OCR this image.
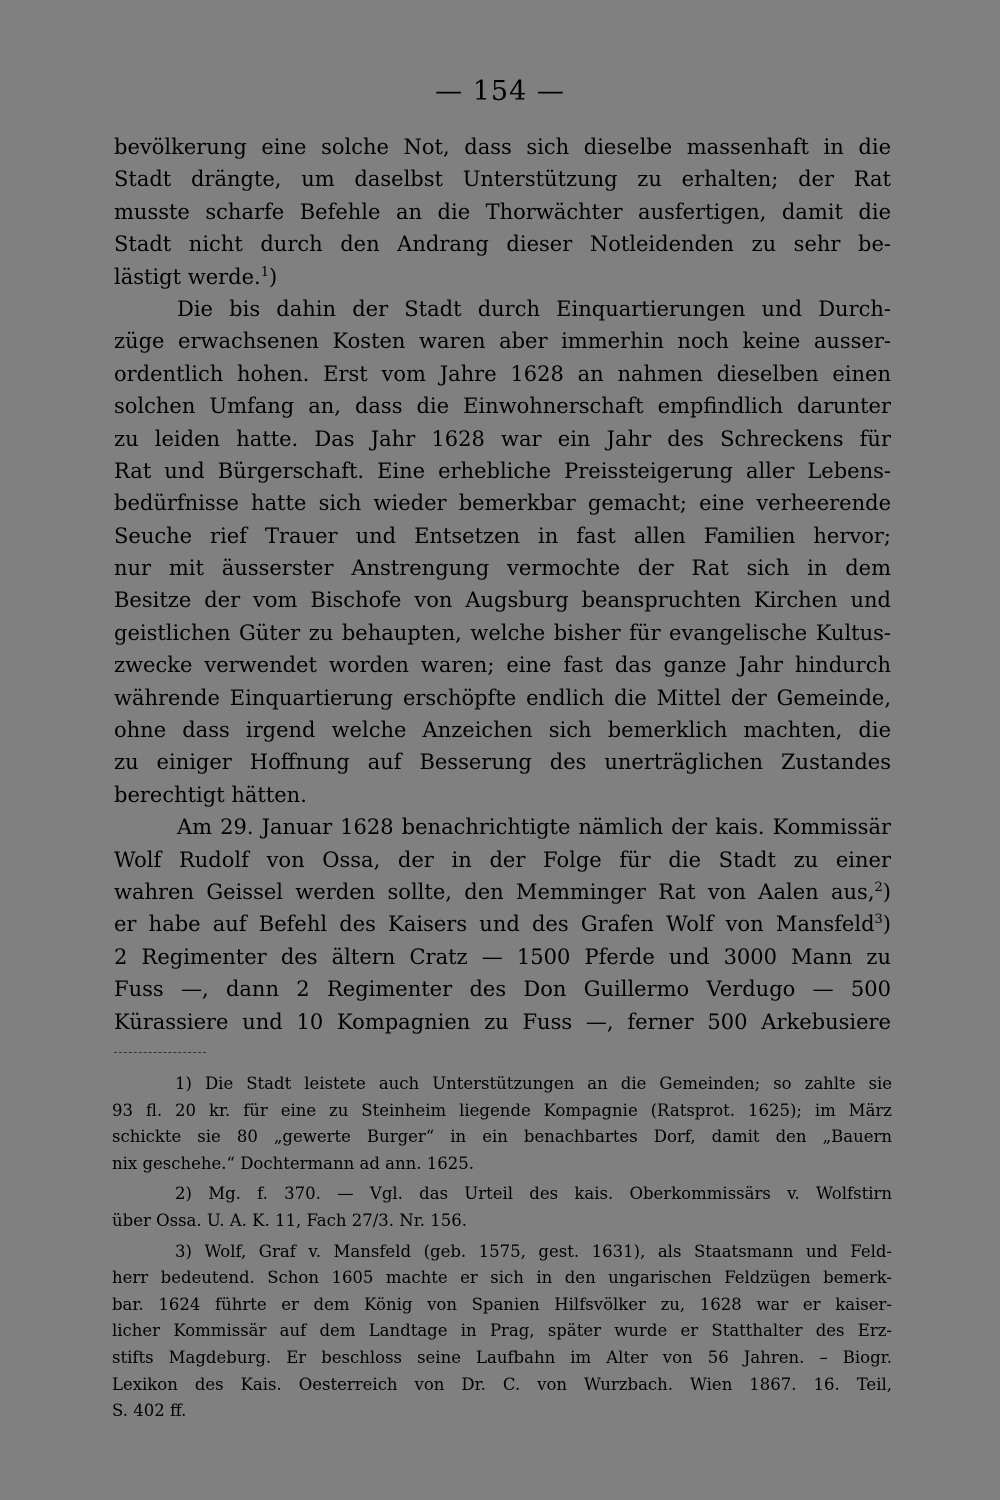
— 154 —
bevölkerung eine solche Not, dass sich dieselbe massenhaft in die
Stadt drängte, um daselbst Unterstützung zu erhalten; der Rat
musste scharfe Befehle an die Thorwächter ausfertigen, damit die
Stadt nicht durch den Andrang dieser Notleidenden zu sehr be-
lästigt werde.$^1$)
Die bis dahin der Stadt durch Einquartierungen und Durch-
züge erwachsenen Kosten waren aber immerhin noch keine ausser-
ordentlich hohen. Erst vom Jahre 1628 an nahmen dieselben einen
solchen Umfang an, dass die Einwohnerschaft empfindlich darunter
zu leiden hatte. Das Jahr 1628 war ein Jahr des Schreckens für
Rat und Bürgerschaft. Eine erhebliche Preissteigerung aller Lebens-
bedürfnisse hatte sich wieder bemerkbar gemacht; eine verheerende
Seuche rief Trauer und Entsetzen in fast allen Familien hervor;
nur mit äusserster Anstrengung vermochte der Rat sich in dem
Besitze der vom Bischofe von Augsburg beanspruchten Kirchen und
geistlichen Güter zu behaupten, welche bisher für evangelische Kultus-
zwecke verwendet worden waren; eine fast das ganze Jahr hindurch
währende Einquartierung erschöpfte endlich die Mittel der Gemeinde,
ohne dass irgend welche Anzeichen sich bemerklich machten, die
zu einiger Hoffnung auf Besserung des unerträglichen Zustandes
berechtigt hätten.
Am 29. Januar 1628 benachrichtigte nämlich der kais. Kommissär
Wolf Rudolf von Ossa, der in der Folge für die Stadt zu einer
wahren Geissel werden sollte, den Memminger Rat von Aalen aus,$^2$)
er habe auf Befehl des Kaisers und des Grafen Wolf von Mansfeld$^3$)
2 Regimenter des ältern Cratz — 1500 Pferde und 3000 Mann zu
Fuss —, dann 2 Regimenter des Don Guillermo Verdugo — 500
Kürassiere und 10 Kompagnien zu Fuss —, ferner 500 Arkebusiere
1) Die Stadt leistete auch Unterstützungen an die Gemeinden; so zahlte sie
93 fl. 20 kr. für eine zu Steinheim liegende Kompagnie (Ratsprot. 1625); im März
schickte sie 80 „gewerte Burger“ in ein benachbartes Dorf, damit den „Bauern
nix geschehe.“ Dochtermann ad ann. 1625.
2) Mg. f. 370. — Vgl. das Urteil des kais. Oberkommissärs v. Wolfstirn
über Ossa. U. A. K. 11, Fach 27/3. Nr. 156.
3) Wolf, Graf v. Mansfeld (geb. 1575, gest. 1631), als Staatsmann und Feld-
herr bedeutend. Schon 1605 machte er sich in den ungarischen Feldzügen bemerk-
bar. 1624 führte er dem König von Spanien Hilfsvölker zu, 1628 war er kaiser-
licher Kommissär auf dem Landtage in Prag, später wurde er Statthalter des Erz-
stifts Magdeburg. Er beschloss seine Laufbahn im Alter von 56 Jahren. – Biogr.
Lexikon des Kais. Oesterreich von Dr. C. von Wurzbach. Wien 1867. 16. Teil,
S. 402 ff.
